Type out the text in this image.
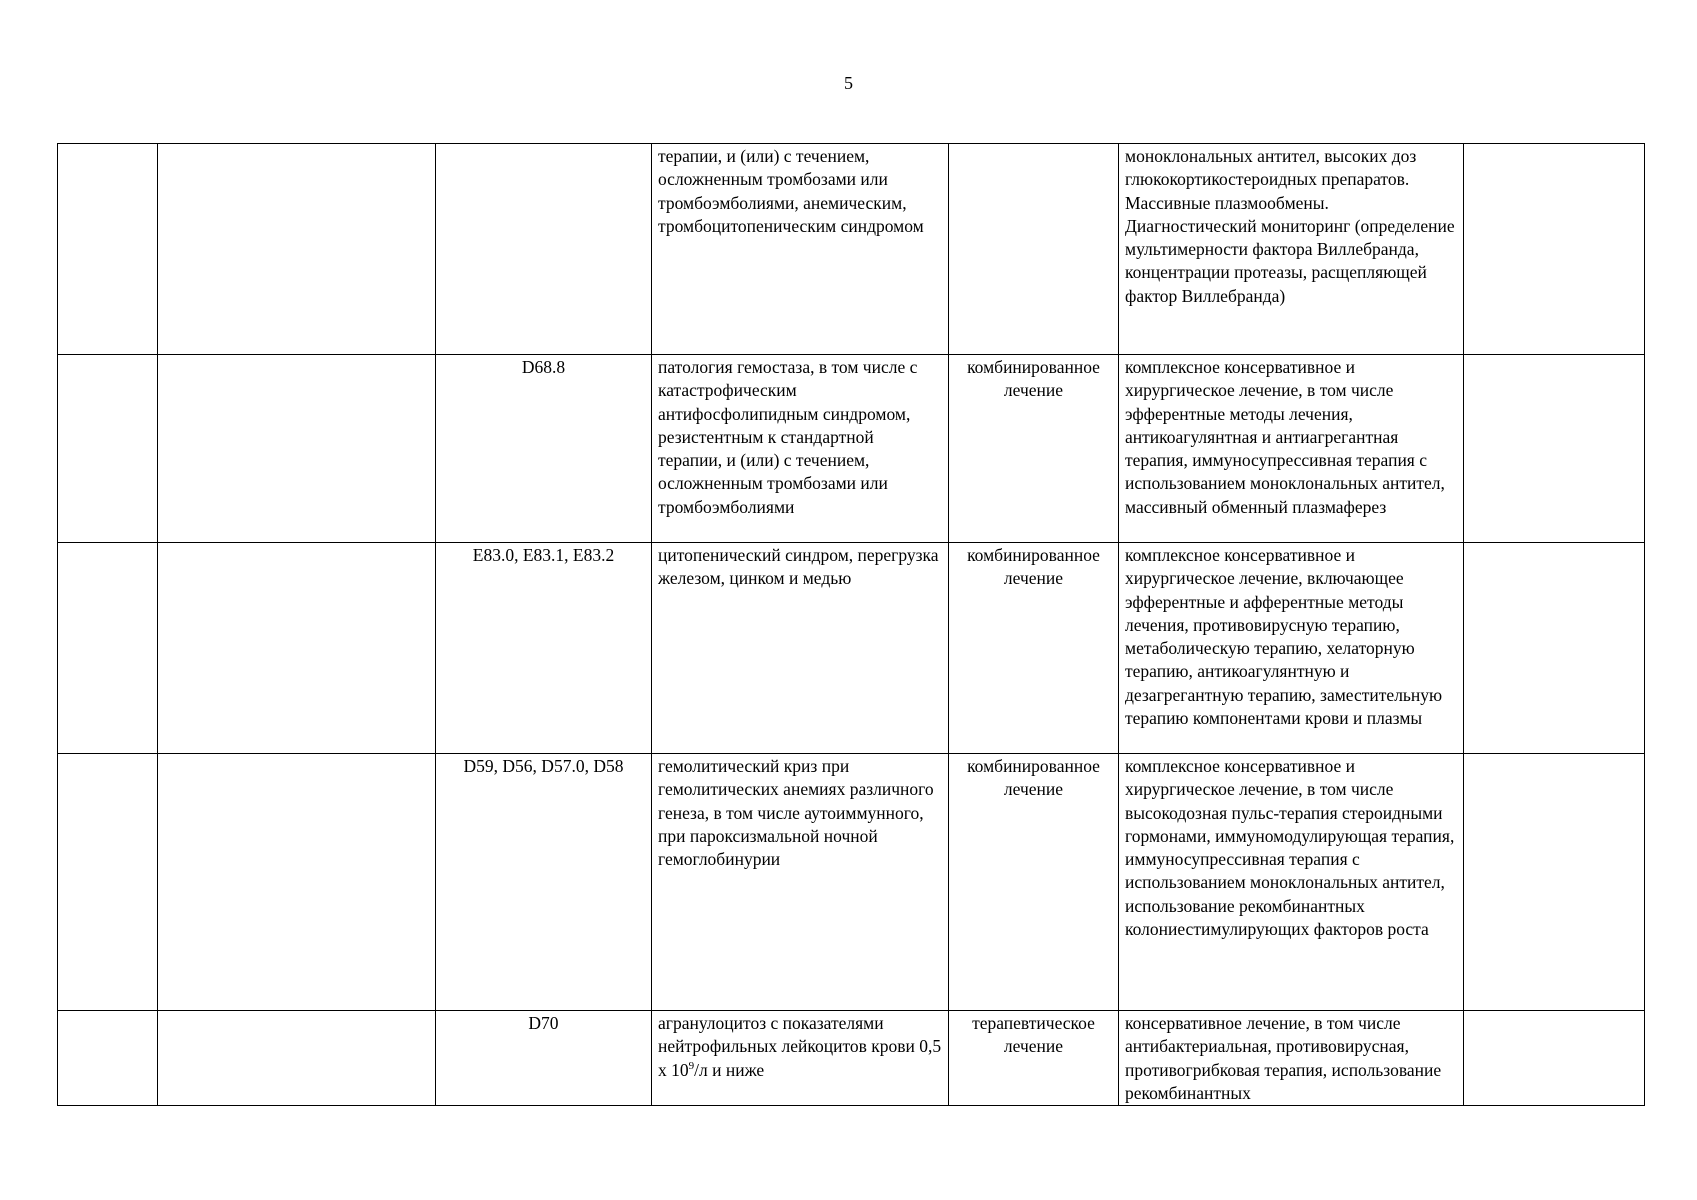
5
			терапии, и (или) с течением, осложненным тромбозами или тромбоэмболиями, анемическим, тромбоцитопеническим синдромом		моноклональных антител, высоких доз глюкокортикостероидных препаратов. Массивные плазмообмены. Диагностический мониторинг (определение мультимерности фактора Виллебранда, концентрации протеазы, расщепляющей фактор Виллебранда)	
		D68.8	патология гемостаза, в том числе с катастрофическим антифосфолипидным синдромом, резистентным к стандартной терапии, и (или) с течением, осложненным тромбозами или тромбоэмболиями	комбинированное лечение	комплексное консервативное и хирургическое лечение, в том числе эфферентные методы лечения, антикоагулянтная и антиагрегантная терапия, иммуносупрессивная терапия с использованием моноклональных антител, массивный обменный плазмаферез	
		E83.0, E83.1, E83.2	цитопенический синдром, перегрузка железом, цинком и медью	комбинированное лечение	комплексное консервативное и хирургическое лечение, включающее эфферентные и афферентные методы лечения, противовирусную терапию, метаболическую терапию, хелаторную терапию, антикоагулянтную и дезагрегантную терапию, заместительную терапию компонентами крови и плазмы	
		D59, D56, D57.0, D58	гемолитический криз при гемолитических анемиях различного генеза, в том числе аутоиммунного, при пароксизмальной ночной гемоглобинурии	комбинированное лечение	комплексное консервативное и хирургическое лечение, в том числе высокодозная пульс-терапия стероидными гормонами, иммуномодулирующая терапия, иммуносупрессивная терапия с использованием моноклональных антител, использование рекомбинантных колониестимулирующих факторов роста	
		D70	агранулоцитоз с показателями нейтрофильных лейкоцитов крови 0,5 х $10^9/л$ и ниже	терапевтическое лечение	консервативное лечение, в том числе антибактериальная, противовирусная, противогрибковая терапия, использование рекомбинантных	
